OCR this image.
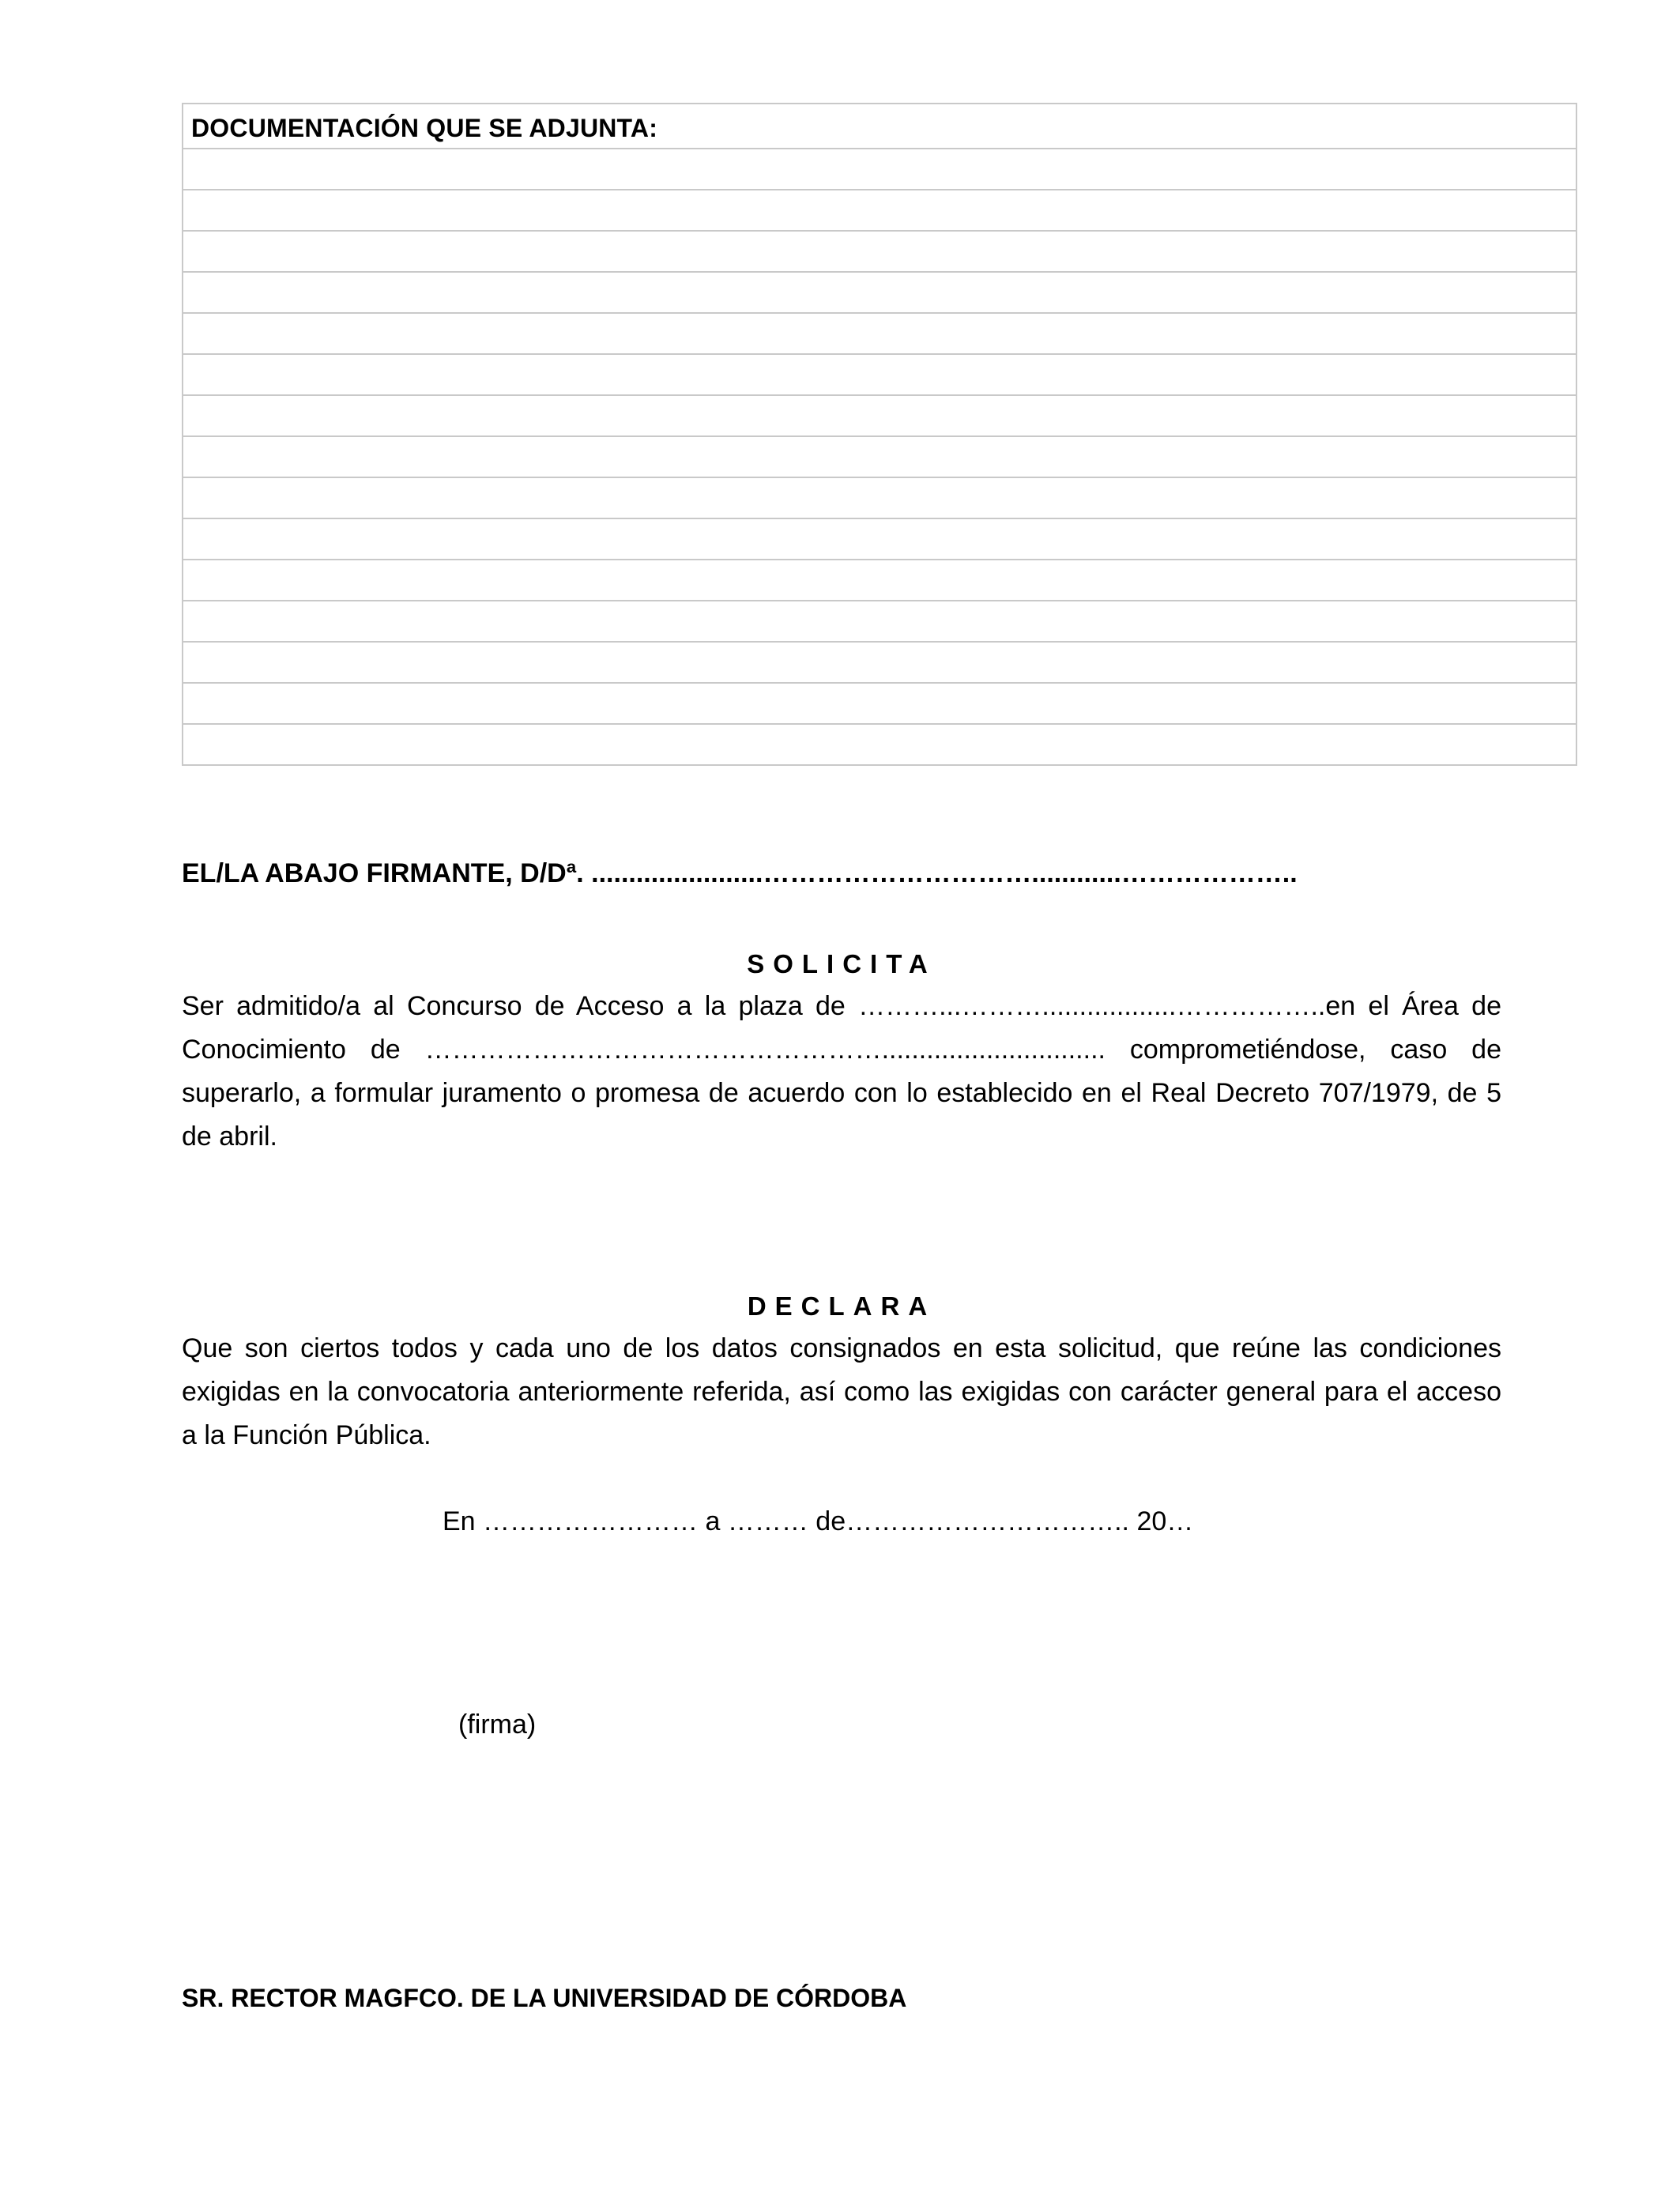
DOCUMENTACIÓN QUE SE ADJUNTA:

EL/LA ABAJO FIRMANTE, D/Dª. .......................…………………………............………………..
SOLICITA
Ser admitido/a al Concurso de Acceso a la plaza de ………...………..................……………..en el Área de Conocimiento de …………………………………………….............................. comprometiéndose, caso de superarlo, a formular juramento o promesa de acuerdo con lo establecido en el Real Decreto 707/1979, de 5 de abril.
DECLARA
Que son ciertos todos y cada uno de los datos consignados en esta solicitud, que reúne las condiciones exigidas en la convocatoria anteriormente referida, así como las exigidas con carácter general para el acceso a la Función Pública.
En …………………… a ……… de………………………….. 20…
(firma)
SR. RECTOR MAGFCO. DE LA UNIVERSIDAD DE CÓRDOBA
